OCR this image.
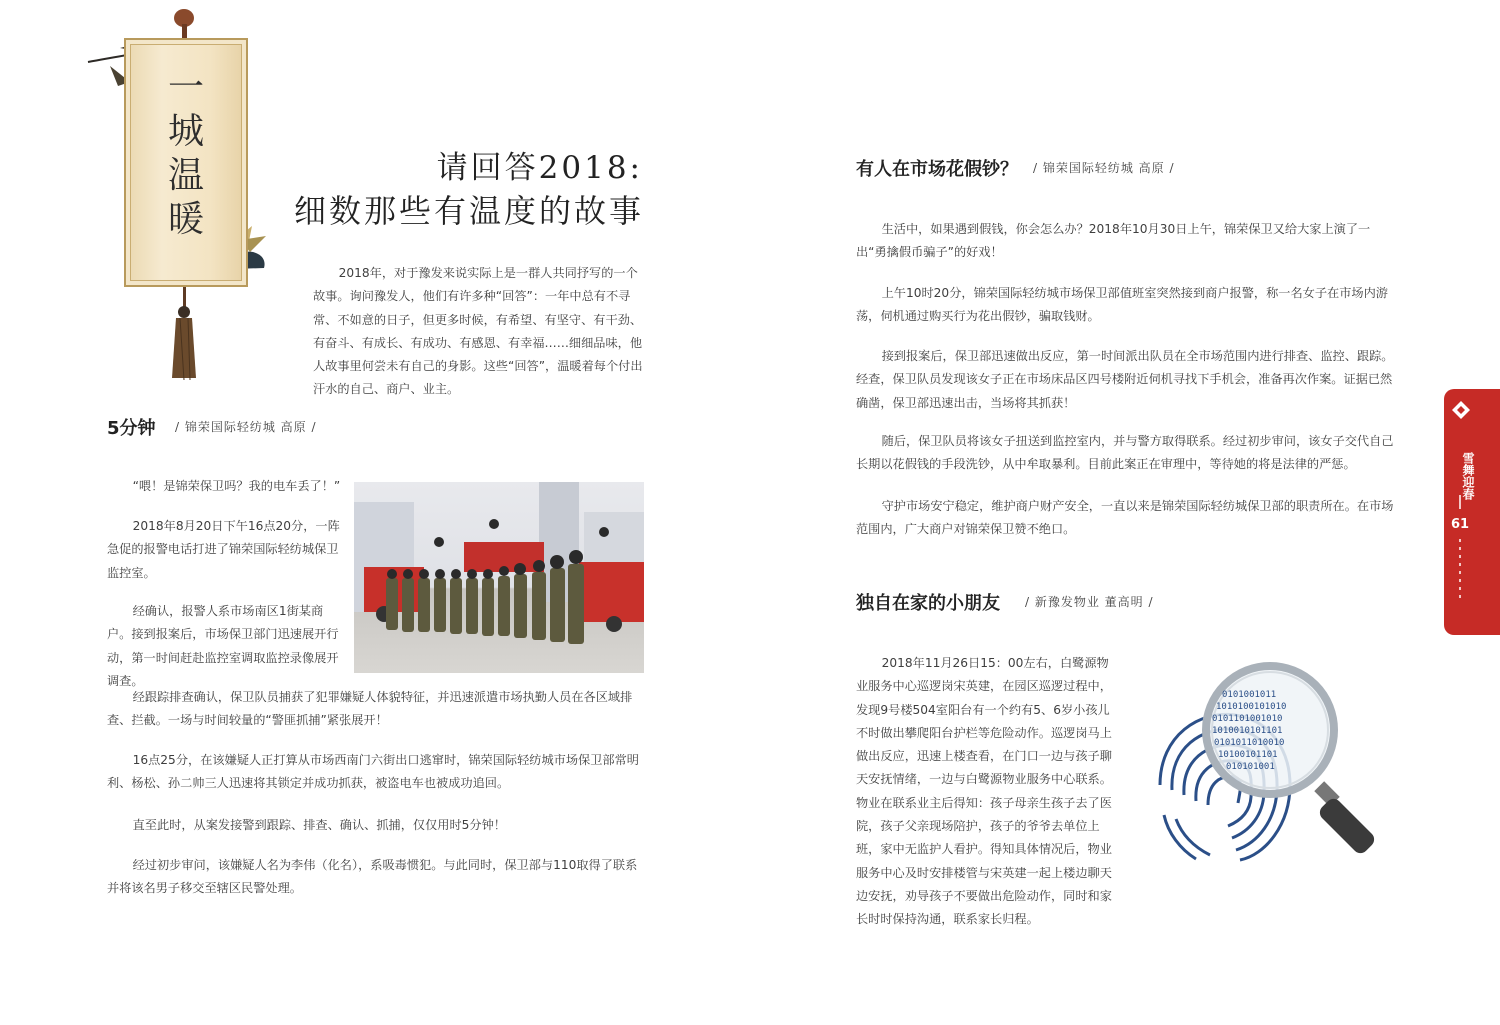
一城温暖
请回答2018:
细数那些有温度的故事

2018年，对于豫发来说实际上是一群人共同抒写的一个故事。询问豫发人，他们有许多种“回答”：一年中总有不寻常、不如意的日子，但更多时候，有希望、有坚守、有干劲、有奋斗、有成长、有成功、有感恩、有幸福……细细品味，他人故事里何尝未有自己的身影。这些“回答”，温暖着每个付出汗水的自己、商户、业主。

5分钟 / 锦荣国际轻纺城 高原 /

“喂！是锦荣保卫吗？我的电车丢了！”

2018年8月20日下午16点20分，一阵急促的报警电话打进了锦荣国际轻纺城保卫监控室。

经确认，报警人系市场南区1街某商户。接到报案后，市场保卫部门迅速展开行动，第一时间赶赴监控室调取监控录像展开调查。

经跟踪排查确认，保卫队员捕获了犯罪嫌疑人体貌特征，并迅速派遣市场执勤人员在各区域排查、拦截。一场与时间较量的“警匪抓捕”紧张展开！

16点25分，在该嫌疑人正打算从市场西南门六街出口逃窜时，锦荣国际轻纺城市场保卫部常明利、杨松、孙二帅三人迅速将其锁定并成功抓获，被盗电车也被成功追回。

直至此时，从案发接警到跟踪、排查、确认、抓捕，仅仅用时5分钟！

经过初步审问，该嫌疑人名为李伟（化名），系吸毒惯犯。与此同时，保卫部与110取得了联系并将该名男子移交至辖区民警处理。

有人在市场花假钞？ / 锦荣国际轻纺城 高原 /

生活中，如果遇到假钱，你会怎么办？2018年10月30日上午，锦荣保卫又给大家上演了一出“勇擒假币骗子”的好戏！

上午10时20分，锦荣国际轻纺城市场保卫部值班室突然接到商户报警，称一名女子在市场内游荡，伺机通过购买行为花出假钞，骗取钱财。

接到报案后，保卫部迅速做出反应，第一时间派出队员在全市场范围内进行排查、监控、跟踪。经查，保卫队员发现该女子正在市场床品区四号楼附近伺机寻找下手机会，准备再次作案。证据已然确凿，保卫部迅速出击，当场将其抓获！

随后，保卫队员将该女子扭送到监控室内，并与警方取得联系。经过初步审问，该女子交代自己长期以花假钱的手段洗钞，从中牟取暴利。目前此案正在审理中，等待她的将是法律的严惩。

守护市场安宁稳定，维护商户财产安全，一直以来是锦荣国际轻纺城保卫部的职责所在。在市场范围内，广大商户对锦荣保卫赞不绝口。

独自在家的小朋友 / 新豫发物业 董高明 /

2018年11月26日15：00左右，白鹭源物业服务中心巡逻岗宋英建，在园区巡逻过程中，发现9号楼504室阳台有一个约有5、6岁小孩儿不时做出攀爬阳台护栏等危险动作。巡逻岗马上做出反应，迅速上楼查看，在门口一边与孩子聊天安抚情绪，一边与白鹭源物业服务中心联系。物业在联系业主后得知：孩子母亲生孩子去了医院，孩子父亲现场陪护，孩子的爷爷去单位上班，家中无监护人看护。得知具体情况后，物业服务中心及时安排楼管与宋英建一起上楼边聊天边安抚，劝导孩子不要做出危险动作，同时和家长时时保持沟通，联系家长归程。

0101001011
1010100101010
0101101001010
1010010101101
0101011010010
10100101101
010101001
雪舞迎春
61
